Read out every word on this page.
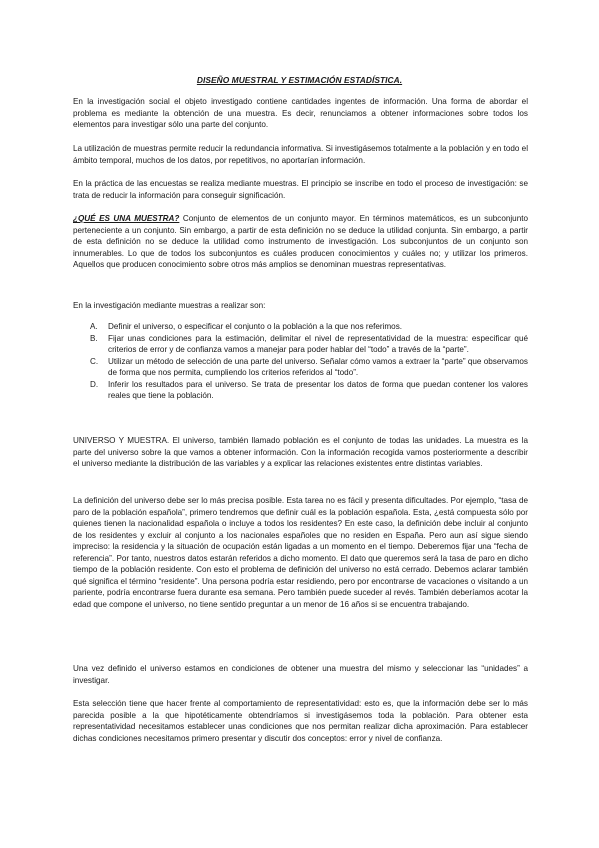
DISEÑO MUESTRAL Y ESTIMACIÓN ESTADÍSTICA.

En la investigación social el objeto investigado contiene cantidades ingentes de información. Una forma de abordar el problema es mediante la obtención de una muestra. Es decir, renunciamos a obtener informaciones sobre todos los elementos para investigar sólo una parte del conjunto.

La utilización de muestras permite reducir la redundancia informativa. Si investigásemos totalmente a la población y en todo el ámbito temporal, muchos de los datos, por repetitivos, no aportarían información.

En la práctica de las encuestas se realiza mediante muestras. El principio se inscribe en todo el proceso de investigación: se trata de reducir la información para conseguir significación.

¿QUÉ ES UNA MUESTRA? Conjunto de elementos de un conjunto mayor. En términos matemáticos, es un subconjunto perteneciente a un conjunto. Sin embargo, a partir de esta definición no se deduce la utilidad conjunta. Sin embargo, a partir de esta definición no se deduce la utilidad como instrumento de investigación. Los subconjuntos de un conjunto son innumerables. Lo que de todos los subconjuntos es cuáles producen conocimientos y cuáles no; y utilizar los primeros. Aquellos que producen conocimiento sobre otros más amplios se denominan muestras representativas.

En la investigación mediante muestras a realizar son:

A. Definir el universo, o especificar el conjunto o la población a la que nos referimos.
B. Fijar unas condiciones para la estimación, delimitar el nivel de representatividad de la muestra: especificar qué criterios de error y de confianza vamos a manejar para poder hablar del “todo” a través de la “parte”.
C. Utilizar un método de selección de una parte del universo. Señalar cómo vamos a extraer la “parte” que observamos de forma que nos permita, cumpliendo los criterios referidos al “todo”.
D. Inferir los resultados para el universo. Se trata de presentar los datos de forma que puedan contener los valores reales que tiene la población.

UNIVERSO Y MUESTRA. El universo, también llamado población es el conjunto de todas las unidades. La muestra es la parte del universo sobre la que vamos a obtener información. Con la información recogida vamos posteriormente a describir el universo mediante la distribución de las variables y a explicar las relaciones existentes entre distintas variables.

La definición del universo debe ser lo más precisa posible. Esta tarea no es fácil y presenta dificultades. Por ejemplo, “tasa de paro de la población española”, primero tendremos que definir cuál es la población española. Esta, ¿está compuesta sólo por quienes tienen la nacionalidad española o incluye a todos los residentes? En este caso, la definición debe incluir al conjunto de los residentes y excluir al conjunto a los nacionales españoles que no residen en España. Pero aun así sigue siendo impreciso: la residencia y la situación de ocupación están ligadas a un momento en el tiempo. Deberemos fijar una “fecha de referencia”. Por tanto, nuestros datos estarán referidos a dicho momento. El dato que queremos será la tasa de paro en dicho tiempo de la población residente. Con esto el problema de definición del universo no está cerrado. Debemos aclarar también qué significa el término “residente”. Una persona podría estar residiendo, pero por encontrarse de vacaciones o visitando a un pariente, podría encontrarse fuera durante esa semana. Pero también puede suceder al revés. También deberíamos acotar la edad que compone el universo, no tiene sentido preguntar a un menor de 16 años si se encuentra trabajando.

Una vez definido el universo estamos en condiciones de obtener una muestra del mismo y seleccionar las “unidades” a investigar.

Esta selección tiene que hacer frente al comportamiento de representatividad: esto es, que la información debe ser lo más parecida posible a la que hipotéticamente obtendríamos si investigásemos toda la población. Para obtener esta representatividad necesitamos establecer unas condiciones que nos permitan realizar dicha aproximación. Para establecer dichas condiciones necesitamos primero presentar y discutir dos conceptos: error y nivel de confianza.
